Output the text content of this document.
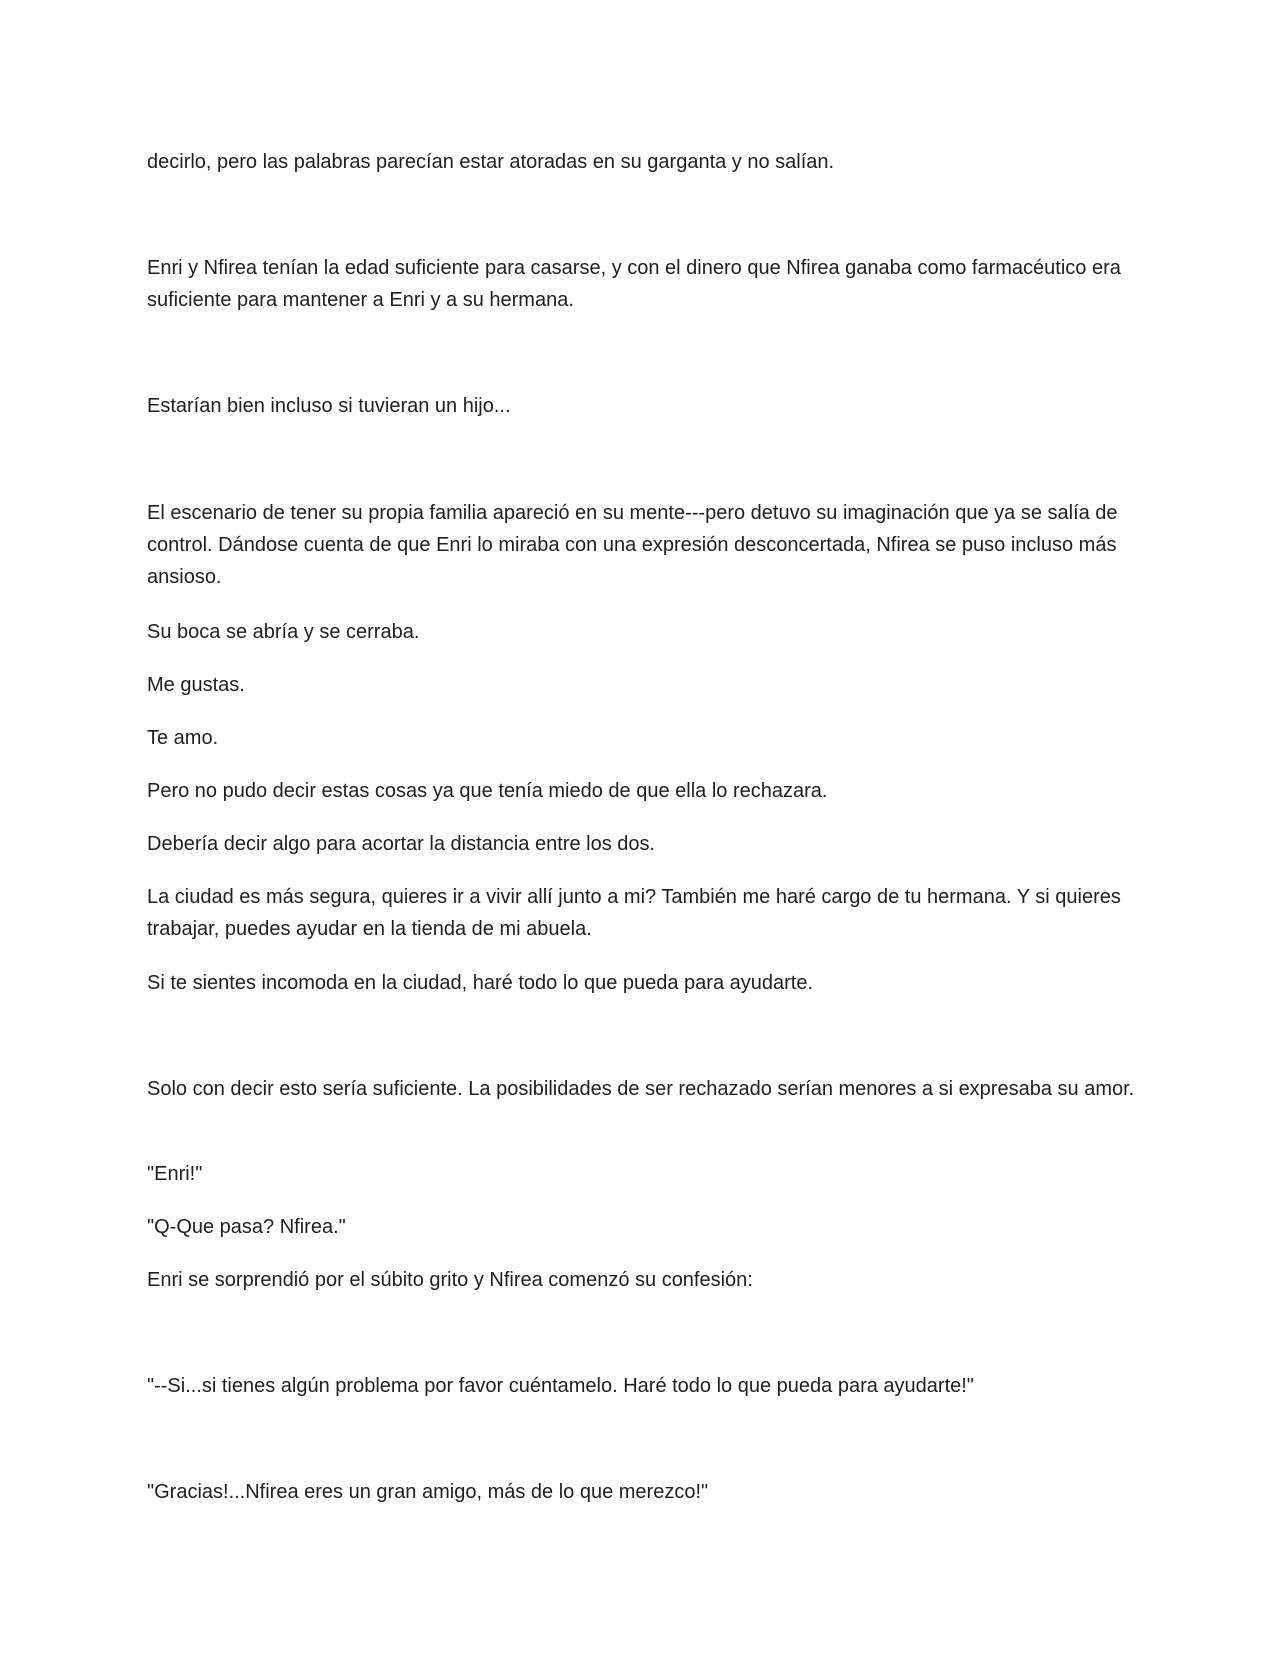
decirlo, pero las palabras parecían estar atoradas en su garganta y no salían.

Enri y Nfirea tenían la edad suficiente para casarse, y con el dinero que Nfirea ganaba como farmacéutico era suficiente para mantener a Enri y a su hermana.

Estarían bien incluso si tuvieran un hijo...

El escenario de tener su propia familia apareció en su mente---pero detuvo su imaginación que ya se salía de control. Dándose cuenta de que Enri lo miraba con una expresión desconcertada, Nfirea se puso incluso más ansioso.

Su boca se abría y se cerraba.

Me gustas.

Te amo.

Pero no pudo decir estas cosas ya que tenía miedo de que ella lo rechazara.

Debería decir algo para acortar la distancia entre los dos.

La ciudad es más segura, quieres ir a vivir allí junto a mi? También me haré cargo de tu hermana. Y si quieres trabajar, puedes ayudar en la tienda de mi abuela.

Si te sientes incomoda en la ciudad, haré todo lo que pueda para ayudarte.

Solo con decir esto sería suficiente. La posibilidades de ser rechazado serían menores a si expresaba su amor.

"Enri!"

"Q-Que pasa? Nfirea."

Enri se sorprendió por el súbito grito y Nfirea comenzó su confesión:

"--Si...si tienes algún problema por favor cuéntamelo. Haré todo lo que pueda para ayudarte!"

"Gracias!...Nfirea eres un gran amigo, más de lo que merezco!"
